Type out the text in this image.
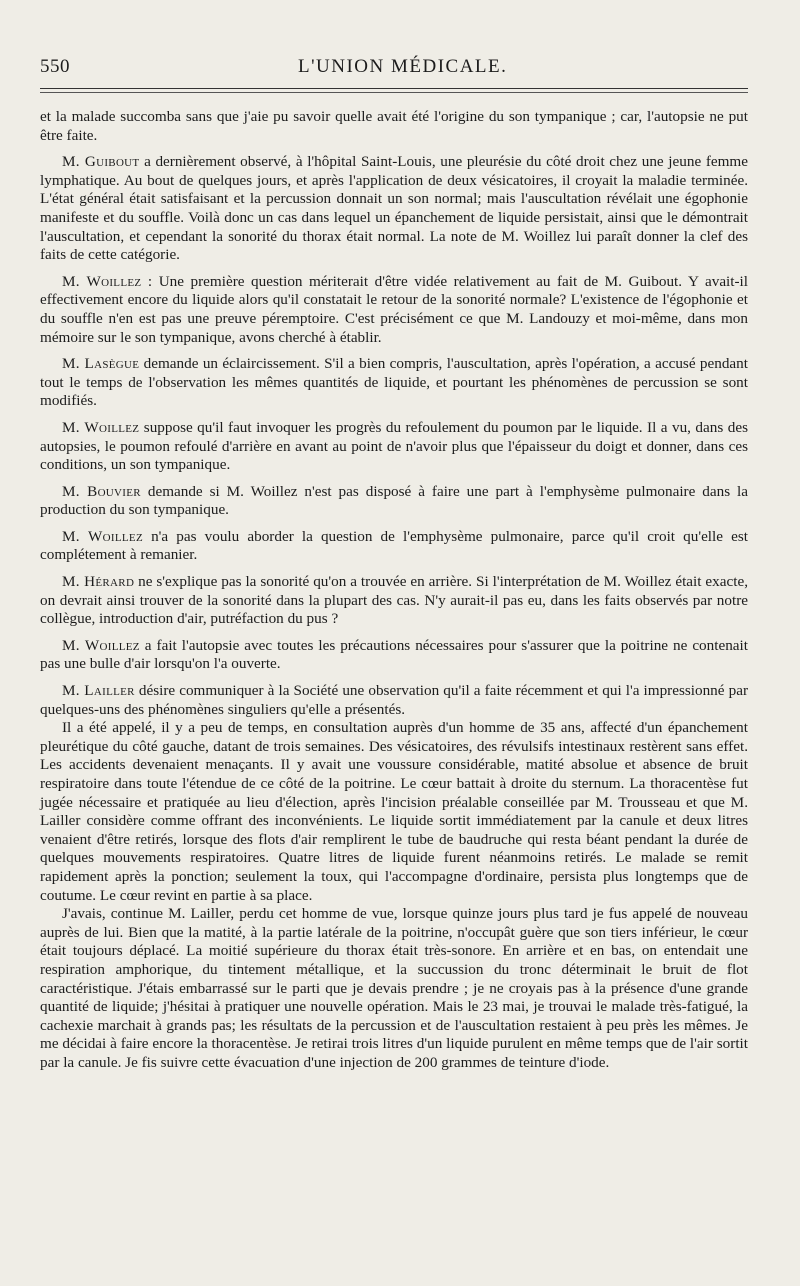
550	L'UNION MÉDICALE.

et la malade succomba sans que j'aie pu savoir quelle avait été l'origine du son tympanique ; car, l'autopsie ne put être faite.

M. Guibout a dernièrement observé, à l'hôpital Saint-Louis, une pleurésie du côté droit chez une jeune femme lymphatique. Au bout de quelques jours, et après l'application de deux vésicatoires, il croyait la maladie terminée. L'état général était satisfaisant et la percussion donnait un son normal; mais l'auscultation révélait une égophonie manifeste et du souffle. Voilà donc un cas dans lequel un épanchement de liquide persistait, ainsi que le démontrait l'auscultation, et cependant la sonorité du thorax était normal. La note de M. Woillez lui paraît donner la clef des faits de cette catégorie.

M. Woillez : Une première question mériterait d'être vidée relativement au fait de M. Guibout. Y avait-il effectivement encore du liquide alors qu'il constatait le retour de la sonorité normale? L'existence de l'égophonie et du souffle n'en est pas une preuve péremptoire. C'est précisément ce que M. Landouzy et moi-même, dans mon mémoire sur le son tympanique, avons cherché à établir.

M. Lasègue demande un éclaircissement. S'il a bien compris, l'auscultation, après l'opération, a accusé pendant tout le temps de l'observation les mêmes quantités de liquide, et pourtant les phénomènes de percussion se sont modifiés.

M. Woillez suppose qu'il faut invoquer les progrès du refoulement du poumon par le liquide. Il a vu, dans des autopsies, le poumon refoulé d'arrière en avant au point de n'avoir plus que l'épaisseur du doigt et donner, dans ces conditions, un son tympanique.

M. Bouvier demande si M. Woillez n'est pas disposé à faire une part à l'emphysème pulmonaire dans la production du son tympanique.

M. Woillez n'a pas voulu aborder la question de l'emphysème pulmonaire, parce qu'il croit qu'elle est complétement à remanier.

M. Hérard ne s'explique pas la sonorité qu'on a trouvée en arrière. Si l'interprétation de M. Woillez était exacte, on devrait ainsi trouver de la sonorité dans la plupart des cas. N'y aurait-il pas eu, dans les faits observés par notre collègue, introduction d'air, putréfaction du pus ?

M. Woillez a fait l'autopsie avec toutes les précautions nécessaires pour s'assurer que la poitrine ne contenait pas une bulle d'air lorsqu'on l'a ouverte.

M. Lailler désire communiquer à la Société une observation qu'il a faite récemment et qui l'a impressionné par quelques-uns des phénomènes singuliers qu'elle a présentés.

Il a été appelé, il y a peu de temps, en consultation auprès d'un homme de 35 ans, affecté d'un épanchement pleurétique du côté gauche, datant de trois semaines. Des vésicatoires, des révulsifs intestinaux restèrent sans effet. Les accidents devenaient menaçants. Il y avait une voussure considérable, matité absolue et absence de bruit respiratoire dans toute l'étendue de ce côté de la poitrine. Le cœur battait à droite du sternum. La thoracentèse fut jugée nécessaire et pratiquée au lieu d'élection, après l'incision préalable conseillée par M. Trousseau et que M. Lailler considère comme offrant des inconvénients. Le liquide sortit immédiatement par la canule et deux litres venaient d'être retirés, lorsque des flots d'air remplirent le tube de baudruche qui resta béant pendant la durée de quelques mouvements respiratoires. Quatre litres de liquide furent néanmoins retirés. Le malade se remit rapidement après la ponction; seulement la toux, qui l'accompagne d'ordinaire, persista plus longtemps que de coutume. Le cœur revint en partie à sa place.

J'avais, continue M. Lailler, perdu cet homme de vue, lorsque quinze jours plus tard je fus appelé de nouveau auprès de lui. Bien que la matité, à la partie latérale de la poitrine, n'occupât guère que son tiers inférieur, le cœur était toujours déplacé. La moitié supérieure du thorax était très-sonore. En arrière et en bas, on entendait une respiration amphorique, du tintement métallique, et la succussion du tronc déterminait le bruit de flot caractéristique. J'étais embarrassé sur le parti que je devais prendre ; je ne croyais pas à la présence d'une grande quantité de liquide; j'hésitai à pratiquer une nouvelle opération. Mais le 23 mai, je trouvai le malade très-fatigué, la cachexie marchait à grands pas; les résultats de la percussion et de l'auscultation restaient à peu près les mêmes. Je me décidai à faire encore la thoracentèse. Je retirai trois litres d'un liquide purulent en même temps que de l'air sortit par la canule. Je fis suivre cette évacuation d'une injection de 200 grammes de teinture d'iode.
